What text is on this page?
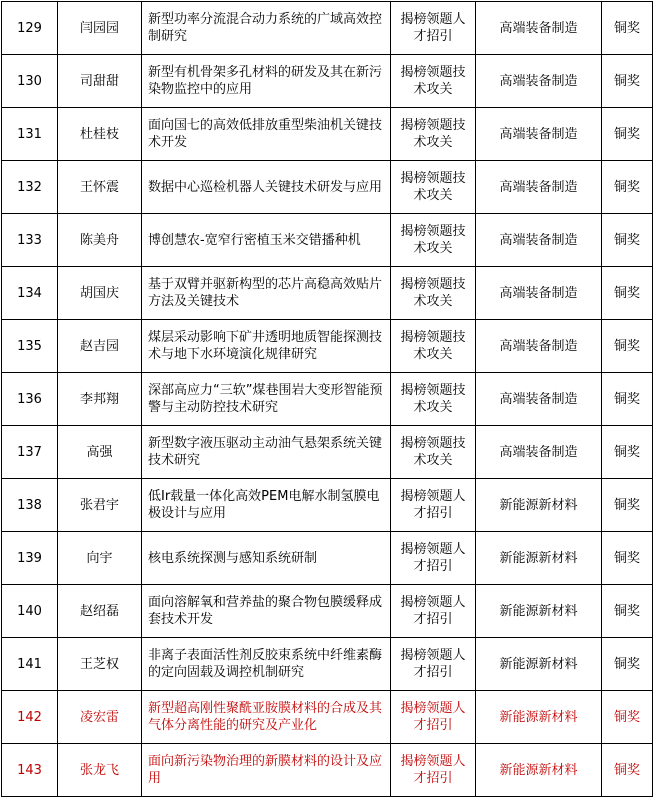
129	闫园园	新型功率分流混合动力系统的广域高效控制研究	揭榜领题人才招引	高端装备制造	铜奖
130	司甜甜	新型有机骨架多孔材料的研发及其在新污染物监控中的应用	揭榜领题技术攻关	高端装备制造	铜奖
131	杜桂枝	面向国七的高效低排放重型柴油机关键技术开发	揭榜领题技术攻关	高端装备制造	铜奖
132	王怀震	数据中心巡检机器人关键技术研发与应用	揭榜领题技术攻关	高端装备制造	铜奖
133	陈美舟	博创慧农-宽窄行密植玉米交错播种机	揭榜领题技术攻关	高端装备制造	铜奖
134	胡国庆	基于双臂并驱新构型的芯片高稳高效贴片方法及关键技术	揭榜领题技术攻关	高端装备制造	铜奖
135	赵吉园	煤层采动影响下矿井透明地质智能探测技术与地下水环境演化规律研究	揭榜领题技术攻关	高端装备制造	铜奖
136	李邦翔	深部高应力“三软”煤巷围岩大变形智能预警与主动防控技术研究	揭榜领题技术攻关	高端装备制造	铜奖
137	高强	新型数字液压驱动主动油气悬架系统关键技术研究	揭榜领题技术攻关	高端装备制造	铜奖
138	张君宇	低Ir载量一体化高效PEM电解水制氢膜电极设计与应用	揭榜领题人才招引	新能源新材料	铜奖
139	向宇	核电系统探测与感知系统研制	揭榜领题人才招引	新能源新材料	铜奖
140	赵绍磊	面向溶解氧和营养盐的聚合物包膜缓释成套技术开发	揭榜领题人才招引	新能源新材料	铜奖
141	王芝权	非离子表面活性剂反胶束系统中纤维素酶的定向固载及调控机制研究	揭榜领题人才招引	新能源新材料	铜奖
142	凌宏雷	新型超高刚性聚酰亚胺膜材料的合成及其气体分离性能的研究及产业化	揭榜领题人才招引	新能源新材料	铜奖
143	张龙飞	面向新污染物治理的新膜材料的设计及应用	揭榜领题人才招引	新能源新材料	铜奖
